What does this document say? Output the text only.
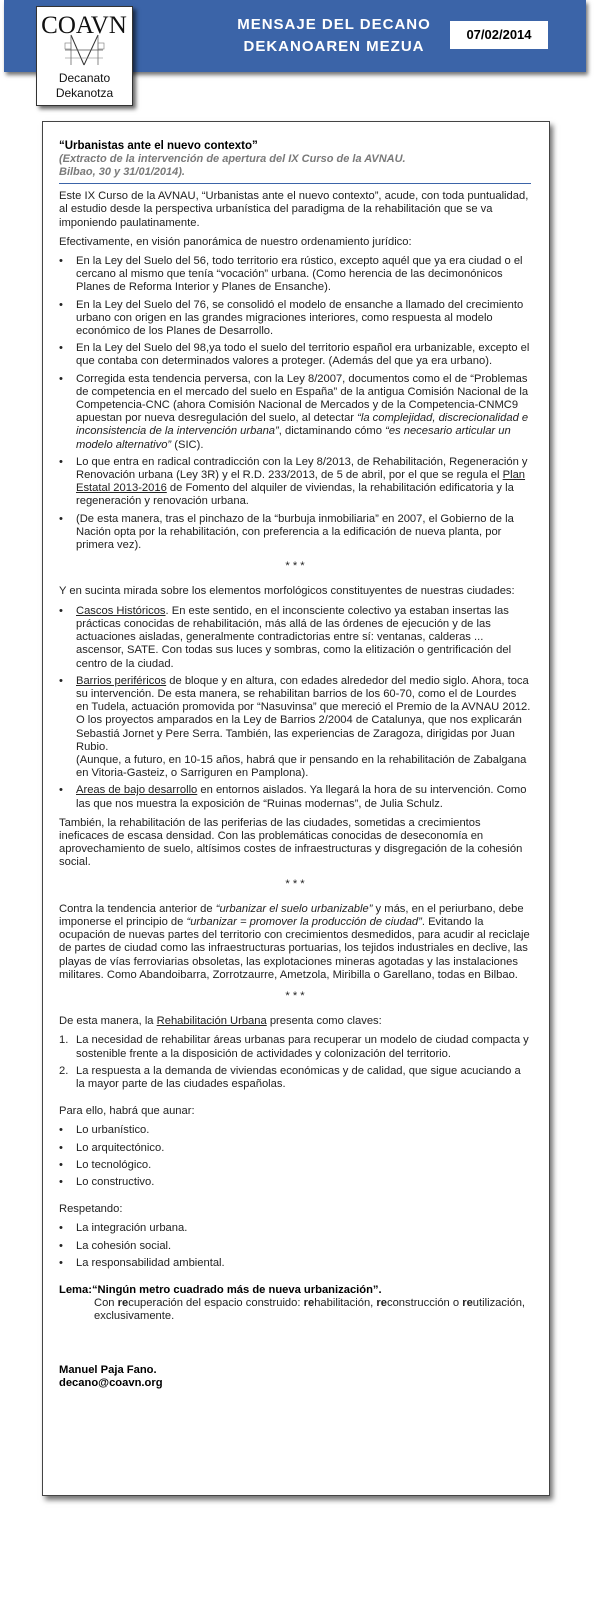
MENSAJE DEL DECANO
DEKANOAREN MEZUA
07/02/2014
COAVN
Decanato
Dekanotza
“Urbanistas ante el nuevo contexto”
(Extracto de la intervención de apertura del IX Curso de la AVNAU.
Bilbao, 30 y 31/01/2014).

Este IX Curso de la AVNAU, “Urbanistas ante el nuevo contexto”, acude, con toda puntualidad, al estudio desde la perspectiva urbanística del paradigma de la rehabilitación que se va imponiendo paulatinamente.

Efectivamente, en visión panorámica de nuestro ordenamiento jurídico:

• En la Ley del Suelo del 56, todo territorio era rústico, excepto aquél que ya era ciudad o el cercano al mismo que tenía “vocación” urbana. (Como herencia de las decimonónicos Planes de Reforma Interior y Planes de Ensanche).
• En la Ley del Suelo del 76, se consolidó el modelo de ensanche a llamado del crecimiento urbano con origen en las grandes migraciones interiores, como respuesta al modelo económico de los Planes de Desarrollo.
• En la Ley del Suelo del 98,ya todo el suelo del territorio español era urbanizable, excepto el que contaba con determinados valores a proteger. (Además del que ya era urbano).
• Corregida esta tendencia perversa, con la Ley 8/2007, documentos como el de “Problemas de competencia en el mercado del suelo en España” de la antigua Comisión Nacional de la Competencia-CNC (ahora Comisión Nacional de Mercados y de la Competencia-CNMC9 apuestan por nueva desregulación del suelo, al detectar “la complejidad, discrecionalidad e inconsistencia de la intervención urbana”, dictaminando cómo “es necesario articular un modelo alternativo” (SIC).
• Lo que entra en radical contradicción con la Ley 8/2013, de Rehabilitación, Regeneración y Renovación urbana (Ley 3R) y el R.D. 233/2013, de 5 de abril, por el que se regula el Plan Estatal 2013-2016 de Fomento del alquiler de viviendas, la rehabilitación edificatoria y la regeneración y renovación urbana.
• (De esta manera, tras el pinchazo de la “burbuja inmobiliaria” en 2007, el Gobierno de la Nación opta por la rehabilitación, con preferencia a la edificación de nueva planta, por primera vez).
* * *

Y en sucinta mirada sobre los elementos morfológicos constituyentes de nuestras ciudades:

• Cascos Históricos. En este sentido, en el inconsciente colectivo ya estaban insertas las prácticas conocidas de rehabilitación, más allá de las órdenes de ejecución y de las actuaciones aisladas, generalmente contradictorias entre sí: ventanas, calderas ... ascensor, SATE. Con todas sus luces y sombras, como la elitización o gentrificación del centro de la ciudad.
• Barrios periféricos de bloque y en altura, con edades alrededor del medio siglo. Ahora, toca su intervención. De esta manera, se rehabilitan barrios de los 60-70, como el de Lourdes en Tudela, actuación promovida por “Nasuvinsa” que mereció el Premio de la AVNAU 2012. O los proyectos amparados en la Ley de Barrios 2/2004 de Catalunya, que nos explicarán Sebastiá Jornet y Pere Serra. También, las experiencias de Zaragoza, dirigidas por Juan Rubio.
(Aunque, a futuro, en 10-15 años, habrá que ir pensando en la rehabilitación de Zabalgana en Vitoria-Gasteiz, o Sarriguren en Pamplona).
• Areas de bajo desarrollo en entornos aislados. Ya llegará la hora de su intervención. Como las que nos muestra la exposición de “Ruinas modernas”, de Julia Schulz.

También, la rehabilitación de las periferias de las ciudades, sometidas a crecimientos ineficaces de escasa densidad. Con las problemáticas conocidas de deseconomía en aprovechamiento de suelo, altísimos costes de infraestructuras y disgregación de la cohesión social.

* * *

Contra la tendencia anterior de “urbanizar el suelo urbanizable” y más, en el periurbano, debe imponerse el principio de “urbanizar = promover la producción de ciudad”. Evitando la ocupación de nuevas partes del territorio con crecimientos desmedidos, para acudir al reciclaje de partes de ciudad como las infraestructuras portuarias, los tejidos industriales en declive, las playas de vías ferroviarias obsoletas, las explotaciones mineras agotadas y las instalaciones militares. Como Abandoibarra, Zorrotzaurre, Ametzola, Miribilla o Garellano, todas en Bilbao.

* * *

De esta manera, la Rehabilitación Urbana presenta como claves:

1. La necesidad de rehabilitar áreas urbanas para recuperar un modelo de ciudad compacta y sostenible frente a la disposición de actividades y colonización del territorio.
2. La respuesta a la demanda de viviendas económicas y de calidad, que sigue acuciando a la mayor parte de las ciudades españolas.

Para ello, habrá que aunar:

• Lo urbanístico.
• Lo arquitectónico.
• Lo tecnológico.
• Lo constructivo.

Respetando:

• La integración urbana.
• La cohesión social.
• La responsabilidad ambiental.
Lema:“Ningún metro cuadrado más de nueva urbanización”.
Con recuperación del espacio construido: rehabilitación, reconstrucción o reutilización, exclusivamente.

Manuel Paja Fano.

decano@coavn.org
